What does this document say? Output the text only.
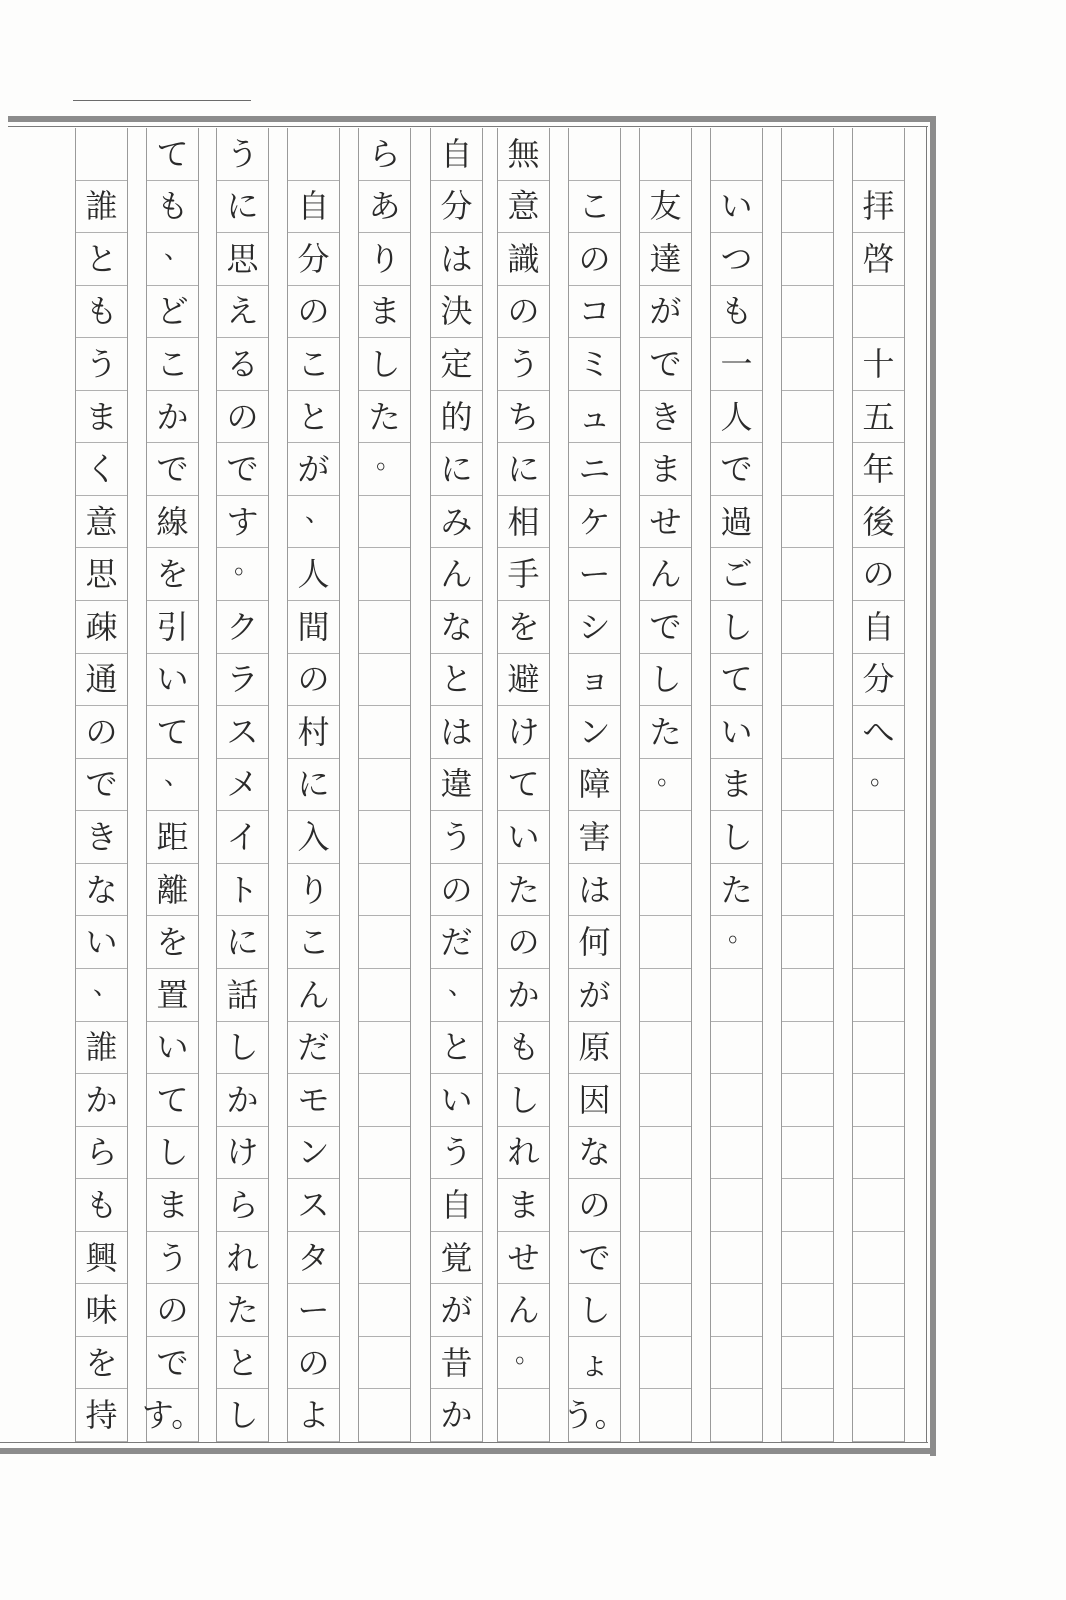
拝
啓
十
五
年
後
の
自
分
へ
。
い
つ
も
一
人
で
過
ご
し
て
い
ま
し
た
。
友
達
が
で
き
ま
せ
ん
で
し
た
。
こ
の
コ
ミ
ュ
ニ
ケ
ー
シ
ョ
ン
障
害
は
何
が
原
因
な
の
で
し
ょ
う。
無
意
識
の
う
ち
に
相
手
を
避
け
て
い
た
の
か
も
し
れ
ま
せ
ん
。
自
分
は
決
定
的
に
み
ん
な
と
は
違
う
の
だ
、
と
い
う
自
覚
が
昔
か
ら
あ
り
ま
し
た
。
自
分
の
こ
と
が
、
人
間
の
村
に
入
り
こ
ん
だ
モ
ン
ス
タ
ー
の
よ
う
に
思
え
る
の
で
す
。
ク
ラ
ス
メ
イ
ト
に
話
し
か
け
ら
れ
た
と
し
て
も
、
ど
こ
か
で
線
を
引
い
て
、
距
離
を
置
い
て
し
ま
う
の
で
す。
誰
と
も
う
ま
く
意
思
疎
通
の
で
き
な
い
、
誰
か
ら
も
興
味
を
持
